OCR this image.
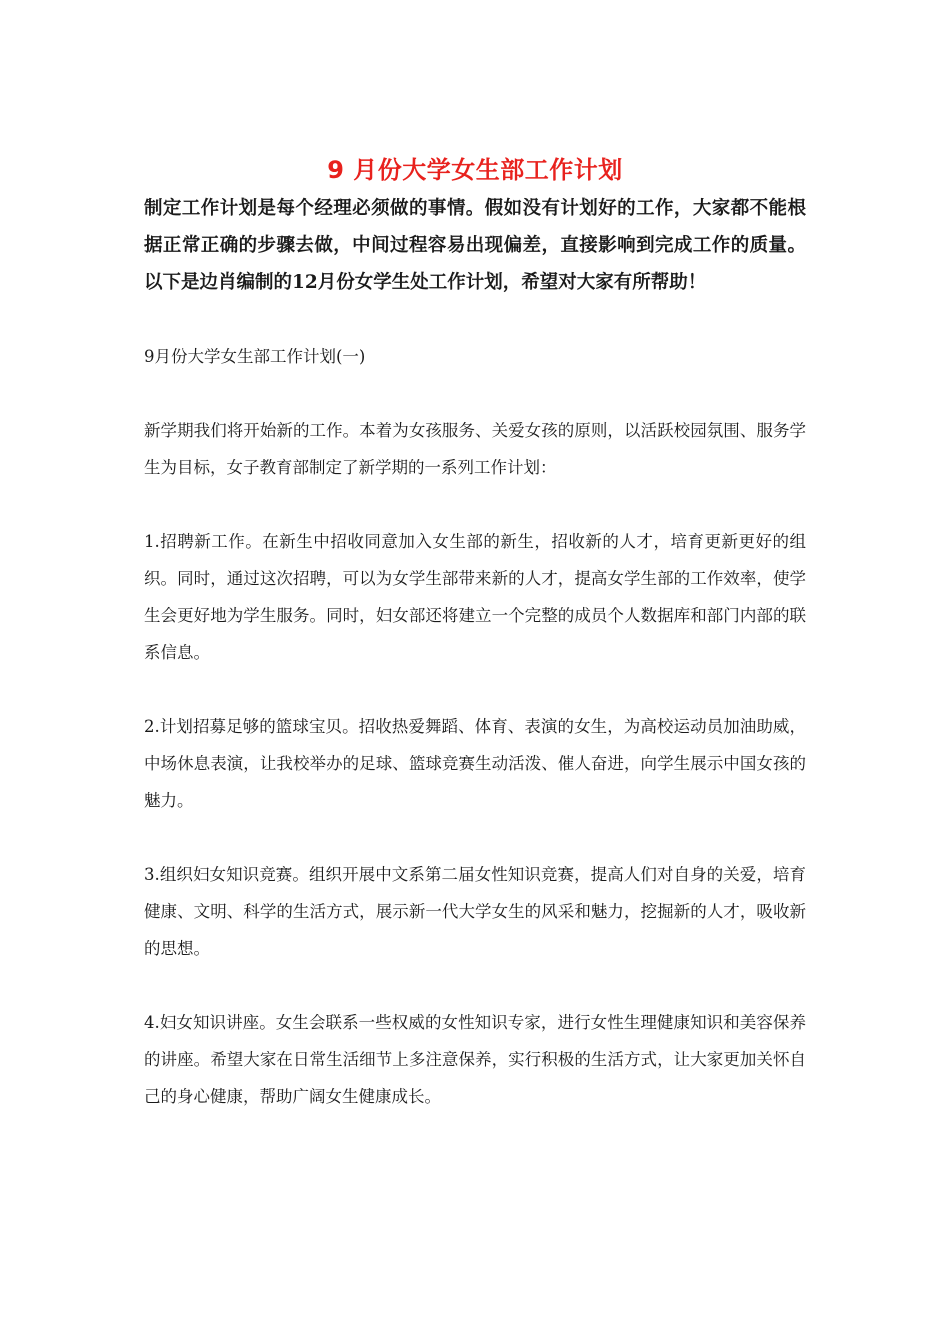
9 月份大学女生部工作计划

制定工作计划是每个经理必须做的事情。假如没有计划好的工作，大家都不能根据正常正确的步骤去做，中间过程容易出现偏差，直接影响到完成工作的质量。以下是边肖编制的12月份女学生处工作计划，希望对大家有所帮助！

9月份大学女生部工作计划(一)

新学期我们将开始新的工作。本着为女孩服务、关爱女孩的原则，以活跃校园氛围、服务学生为目标，女子教育部制定了新学期的一系列工作计划：

1.招聘新工作。在新生中招收同意加入女生部的新生，招收新的人才，培育更新更好的组织。同时，通过这次招聘，可以为女学生部带来新的人才，提高女学生部的工作效率，使学生会更好地为学生服务。同时，妇女部还将建立一个完整的成员个人数据库和部门内部的联系信息。

2.计划招募足够的篮球宝贝。招收热爱舞蹈、体育、表演的女生，为高校运动员加油助威，中场休息表演，让我校举办的足球、篮球竞赛生动活泼、催人奋进，向学生展示中国女孩的魅力。

3.组织妇女知识竞赛。组织开展中文系第二届女性知识竞赛，提高人们对自身的关爱，培育健康、文明、科学的生活方式，展示新一代大学女生的风采和魅力，挖掘新的人才，吸收新的思想。

4.妇女知识讲座。女生会联系一些权威的女性知识专家，进行女性生理健康知识和美容保养的讲座。希望大家在日常生活细节上多注意保养，实行积极的生活方式，让大家更加关怀自己的身心健康，帮助广阔女生健康成长。
